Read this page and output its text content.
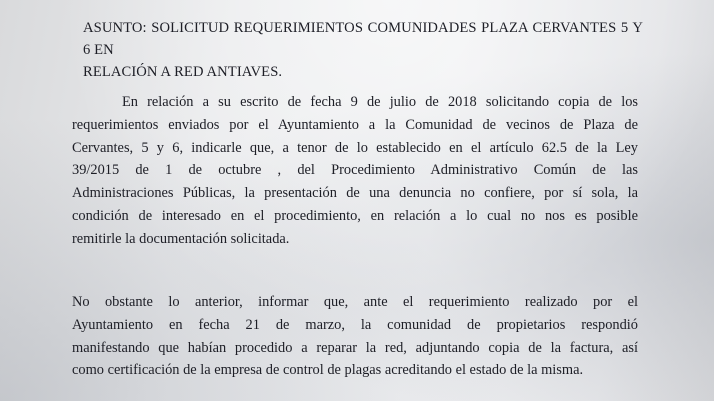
ASUNTO: SOLICITUD REQUERIMIENTOS COMUNIDADES PLAZA CERVANTES 5 Y 6 EN
RELACIÓN A RED ANTIAVES.
En relación a su escrito de fecha 9 de julio de 2018 solicitando copia de los
requerimientos enviados por el Ayuntamiento a la Comunidad de vecinos de Plaza de
Cervantes, 5 y 6, indicarle que, a tenor de lo establecido en el artículo 62.5 de la Ley
39/2015 de 1 de octubre , del Procedimiento Administrativo Común de las
Administraciones Públicas, la presentación de una denuncia no confiere, por sí sola, la
condición de interesado en el procedimiento, en relación a lo cual no nos es posible
remitirle la documentación solicitada.
No obstante lo anterior, informar que, ante el requerimiento realizado por el
Ayuntamiento en fecha 21 de marzo, la comunidad de propietarios respondió
manifestando que habían procedido a reparar la red, adjuntando copia de la factura, así
como certificación de la empresa de control de plagas acreditando el estado de la misma.
